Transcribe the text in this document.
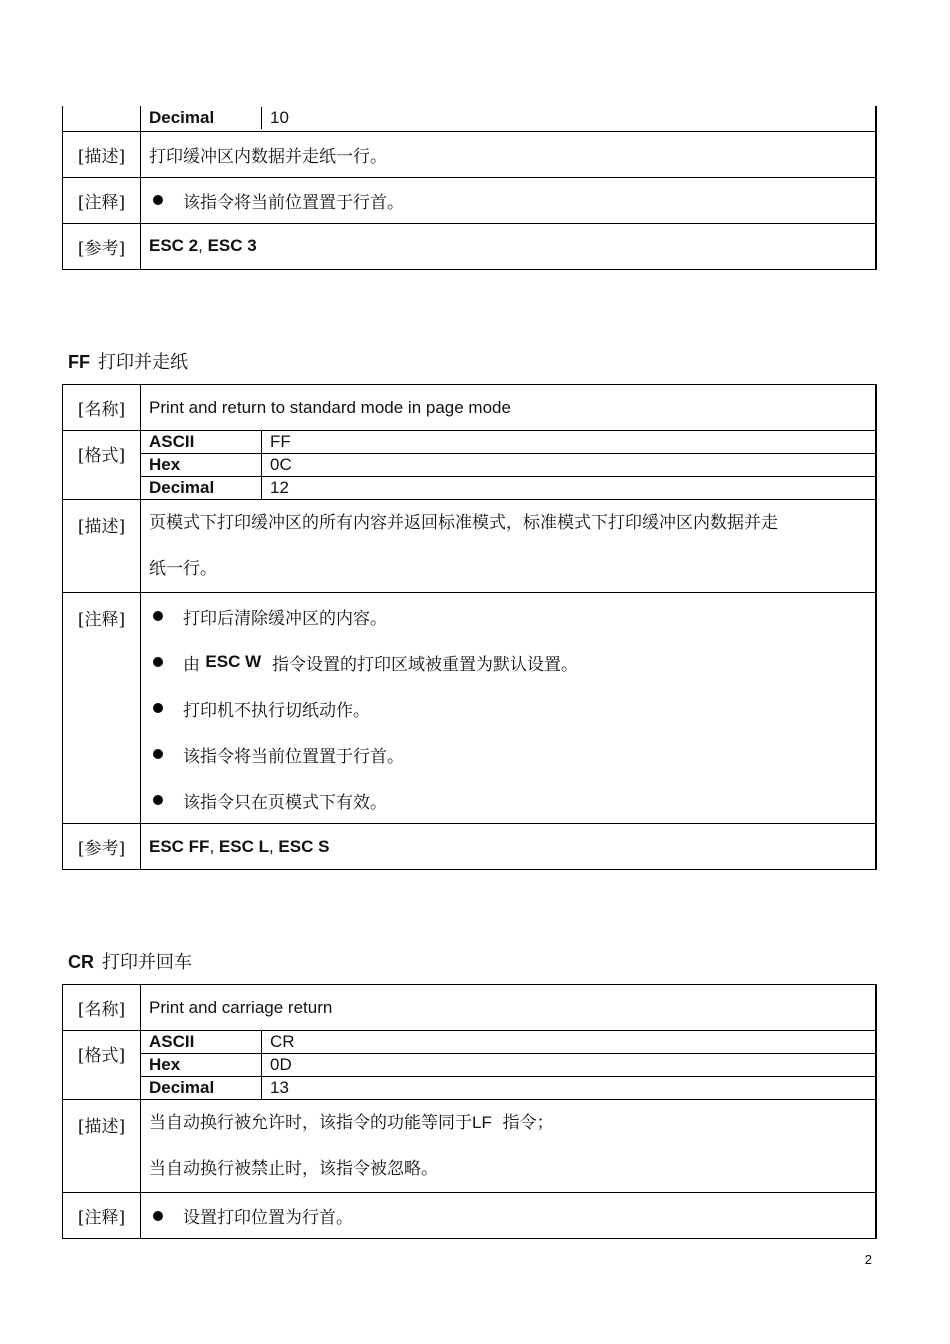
Decimal	10

[描述]	打印缓冲区内数据并走纸一行。
[注释]	该指令将当前位置置于行首。

[参考]	ESC 2, ESC 3
FF 打印并走纸
[名称]	Print and return to standard mode in page mode

[格式]

ASCII	FF
Hex	0C
Decimal	12

[描述]	页模式下打印缓冲区的所有内容并返回标准模式，标准模式下打印缓冲区内数据并走
纸一行。

[注释]	打印后清除缓冲区的内容。
由
ESC W
指令设置的打印区域被重置为默认设置。
打印机不执行切纸动作。
该指令将当前位置置于行首。
该指令只在页模式下有效。

[参考]	ESC FF, ESC L, ESC S
CR 打印并回车
[名称]	Print and carriage return

[格式]

ASCII	CR
Hex	0D
Decimal	13

[描述]	当自动换行被允许时，该指令的功能等同于LF 指令；
当自动换行被禁止时，该指令被忽略。

[注释]	设置打印位置为行首。
2
